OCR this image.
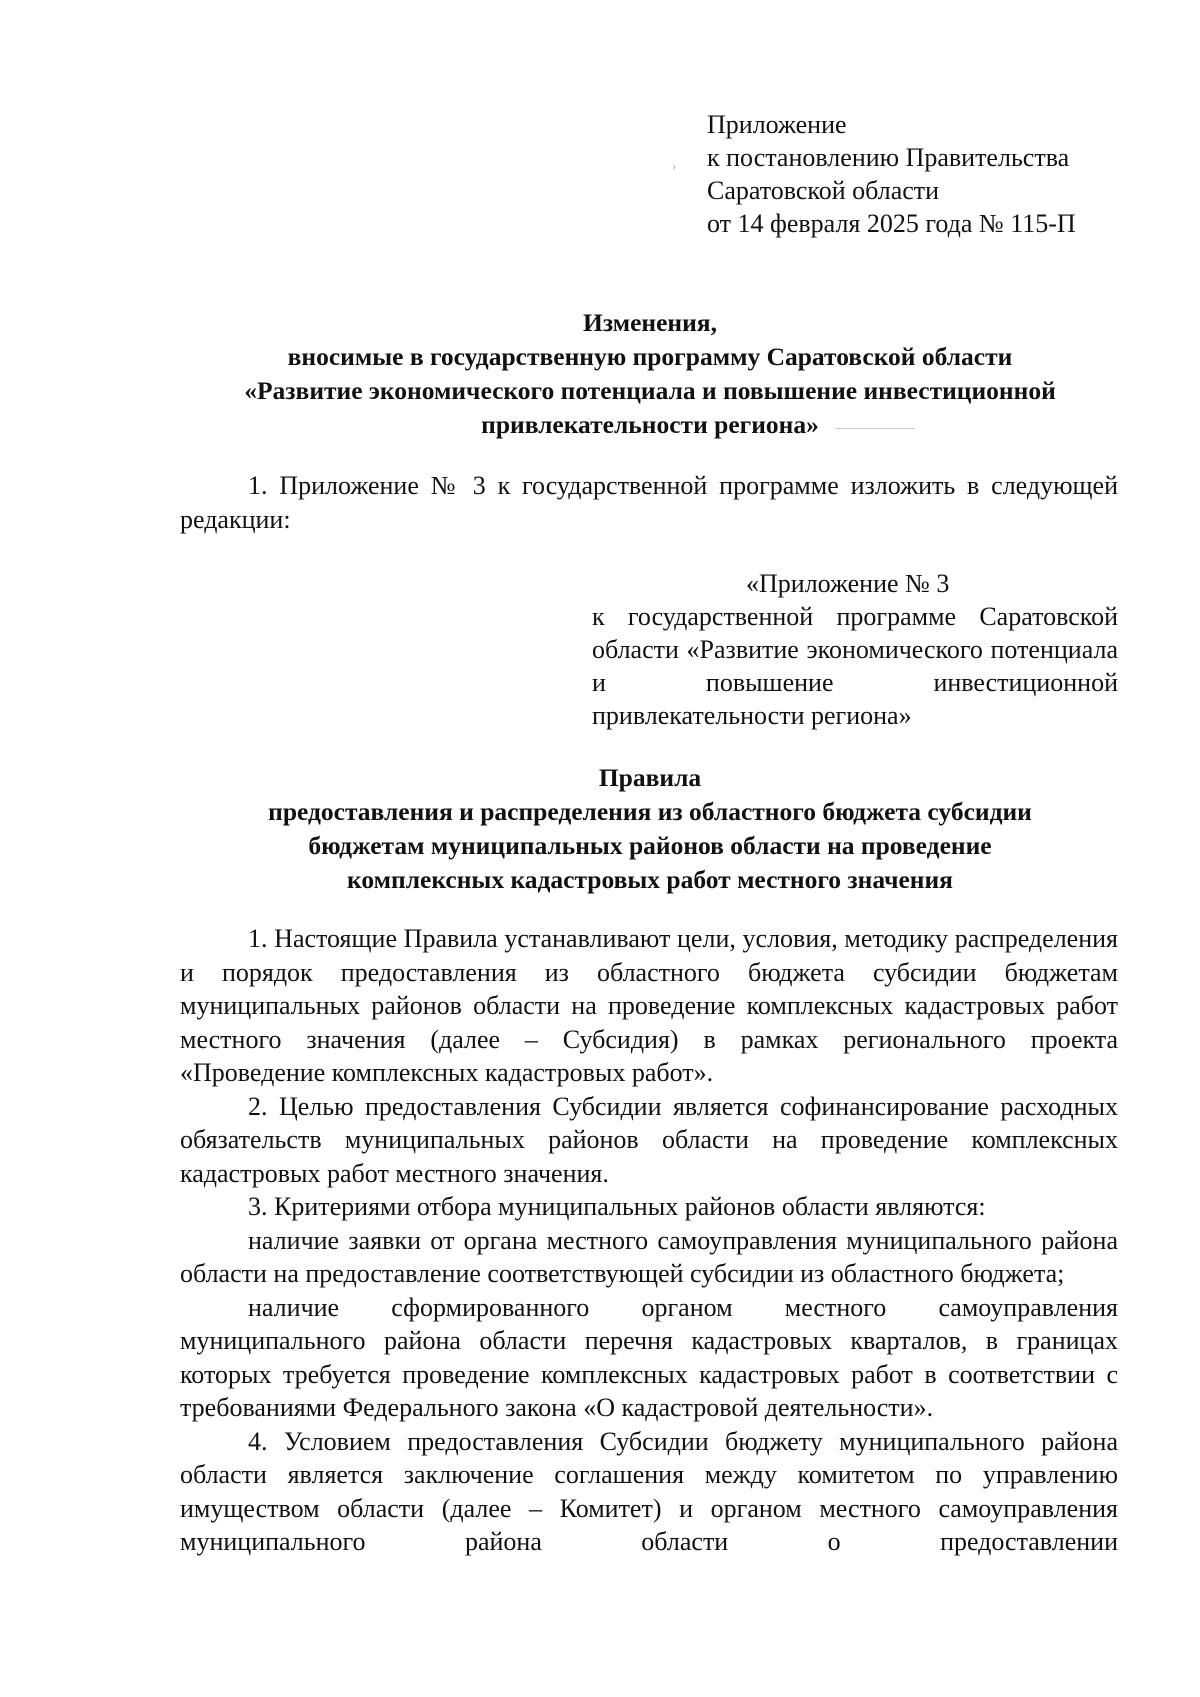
Приложение
к постановлению Правительства
Саратовской области
от 14 февраля 2025 года № 115-П
›
Изменения,
вносимые в государственную программу Саратовской области
«Развитие экономического потенциала и повышение инвестиционной
привлекательности региона»

1. Приложение № 3 к государственной программе изложить в следующей редакции:

«Приложение № 3
к государственной программе Саратовской области «Развитие экономического потенциала и повышение инвестиционной привлекательности региона»
Правила
предоставления и распределения из областного бюджета субсидии
бюджетам муниципальных районов области на проведение
комплексных кадастровых работ местного значения

1. Настоящие Правила устанавливают цели, условия, методику распределения и порядок предоставления из областного бюджета субсидии бюджетам муниципальных районов области на проведение комплексных кадастровых работ местного значения (далее – Субсидия) в рамках регионального проекта «Проведение комплексных кадастровых работ».

2. Целью предоставления Субсидии является софинансирование расходных обязательств муниципальных районов области на проведение комплексных кадастровых работ местного значения.

3. Критериями отбора муниципальных районов области являются:

наличие заявки от органа местного самоуправления муниципального района области на предоставление соответствующей субсидии из областного бюджета;

наличие сформированного органом местного самоуправления муниципального района области перечня кадастровых кварталов, в границах которых требуется проведение комплексных кадастровых работ в соответствии с требованиями Федерального закона «О кадастровой деятельности».

4. Условием предоставления Субсидии бюджету муниципального района области является заключение соглашения между комитетом по управлению имуществом области (далее – Комитет) и органом местного самоуправления муниципального района области о предоставлении
